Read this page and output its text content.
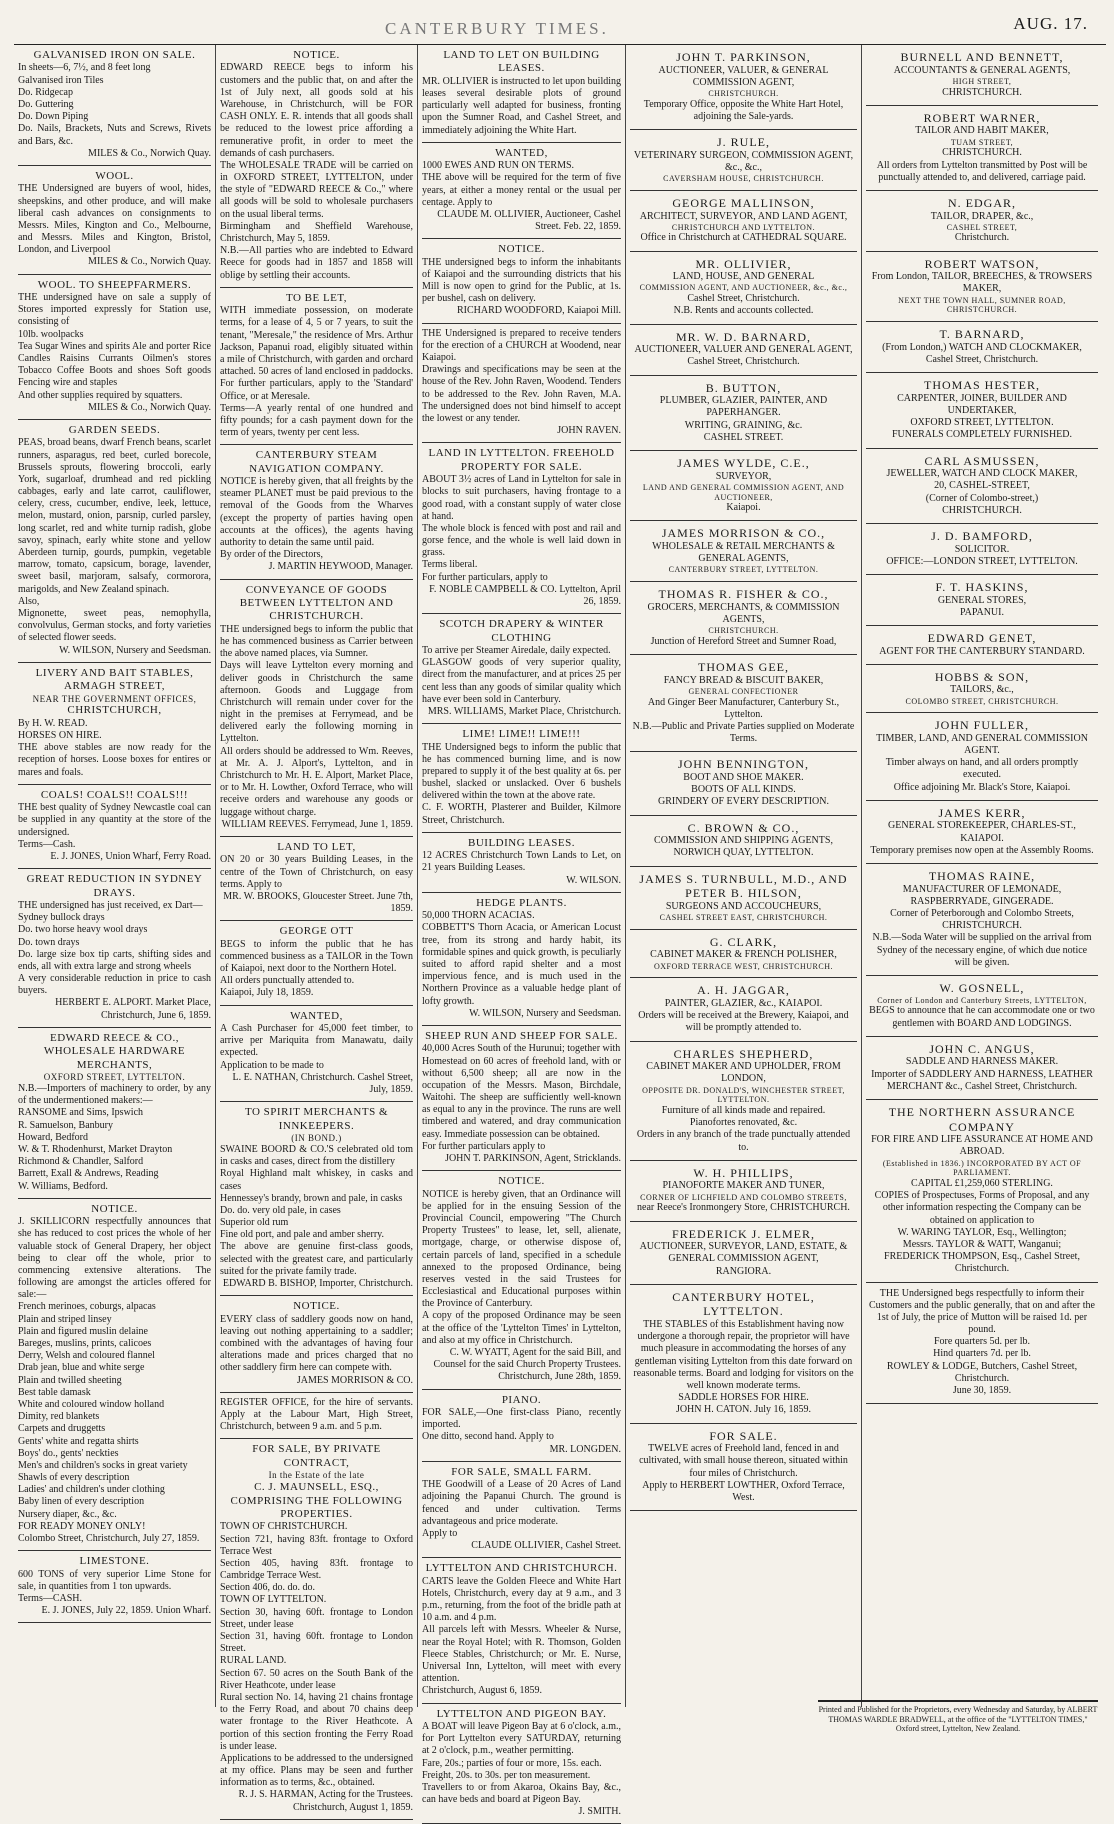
CANTERBURY TIMES.	AUG. 17.
GALVANISED IRON ON SALE.
In sheets—6, 7½, and 8 feet long
Galvanised iron Tiles
Do. Ridgecap
Do. Guttering
Do. Down Piping
Do. Nails, Brackets, Nuts and Screws, Rivets and Bars, &c.
MILES & Co., Norwich Quay.
WOOL.
THE Undersigned are buyers of wool, hides, sheepskins, and other produce, and will make liberal cash advances on consignments to Messrs. Miles, Kington and Co., Melbourne, and Messrs. Miles and Kington, Bristol, London, and Liverpool
MILES & Co., Norwich Quay.
WOOL. TO SHEEPFARMERS.
THE undersigned have on sale a supply of Stores imported expressly for Station use, consisting of
10lb. woolpacks
Tea Sugar Wines and spirits Ale and porter Rice Candles Raisins Currants Oilmen's stores Tobacco Coffee Boots and shoes Soft goods Fencing wire and staples
And other supplies required by squatters.
MILES & Co., Norwich Quay.
GARDEN SEEDS.
PEAS, broad beans, dwarf French beans, scarlet runners, asparagus, red beet, curled borecole, Brussels sprouts, flowering broccoli, early York, sugarloaf, drumhead and red pickling cabbages, early and late carrot, cauliflower, celery, cress, cucumber, endive, leek, lettuce, melon, mustard, onion, parsnip, curled parsley, long scarlet, red and white turnip radish, globe savoy, spinach, early white stone and yellow Aberdeen turnip, gourds, pumpkin, vegetable marrow, tomato, capsicum, borage, lavender, sweet basil, marjoram, salsafy, cormorora, marigolds, and New Zealand spinach.
Also,
Mignonette, sweet peas, nemophylla, convolvulus, German stocks, and forty varieties of selected flower seeds.
W. WILSON, Nursery and Seedsman.
LIVERY AND BAIT STABLES, ARMAGH STREET,
NEAR THE GOVERNMENT OFFICES,
CHRISTCHURCH,
By H. W. READ.
HORSES ON HIRE.
THE above stables are now ready for the reception of horses. Loose boxes for entires or mares and foals.
COALS! COALS!! COALS!!!
THE best quality of Sydney Newcastle coal can be supplied in any quantity at the store of the undersigned.
Terms—Cash.
E. J. JONES, Union Wharf, Ferry Road.
GREAT REDUCTION IN SYDNEY DRAYS.
THE undersigned has just received, ex Dart—
Sydney bullock drays
Do. two horse heavy wool drays
Do. town drays
Do. large size box tip carts, shifting sides and ends, all with extra large and strong wheels
A very considerable reduction in price to cash buyers.
HERBERT E. ALPORT. Market Place, Christchurch, June 6, 1859.
EDWARD REECE & CO., WHOLESALE HARDWARE MERCHANTS,
OXFORD STREET, LYTTELTON.
N.B.—Importers of machinery to order, by any of the undermentioned makers:—
RANSOME and Sims, Ipswich
R. Samuelson, Banbury
Howard, Bedford
W. & T. Rhodenhurst, Market Drayton
Richmond & Chandler, Salford
Barrett, Exall & Andrews, Reading
W. Williams, Bedford.
NOTICE.
J. SKILLICORN respectfully announces that she has reduced to cost prices the whole of her valuable stock of General Drapery, her object being to clear off the whole, prior to commencing extensive alterations. The following are amongst the articles offered for sale:—
French merinoes, coburgs, alpacas
Plain and striped linsey
Plain and figured muslin delaine
Bareges, muslins, prints, calicoes
Derry, Welsh and coloured flannel
Drab jean, blue and white serge
Plain and twilled sheeting
Best table damask
White and coloured window holland
Dimity, red blankets
Carpets and druggetts
Gents' white and regatta shirts
Boys' do., gents' neckties
Men's and children's socks in great variety
Shawls of every description
Ladies' and children's under clothing
Baby linen of every description
Nursery diaper, &c., &c.
FOR READY MONEY ONLY!
Colombo Street, Christchurch, July 27, 1859.
LIMESTONE.
600 TONS of very superior Lime Stone for sale, in quantities from 1 ton upwards.
Terms—CASH.
E. J. JONES, July 22, 1859. Union Wharf.
NOTICE.
EDWARD REECE begs to inform his customers and the public that, on and after the 1st of July next, all goods sold at his Warehouse, in Christchurch, will be FOR CASH ONLY. E. R. intends that all goods shall be reduced to the lowest price affording a remunerative profit, in order to meet the demands of cash purchasers.
The WHOLESALE TRADE will be carried on in OXFORD STREET, LYTTELTON, under the style of "EDWARD REECE & Co.," where all goods will be sold to wholesale purchasers on the usual liberal terms.
Birmingham and Sheffield Warehouse, Christchurch, May 5, 1859.
N.B.—All parties who are indebted to Edward Reece for goods had in 1857 and 1858 will oblige by settling their accounts.
TO BE LET,
WITH immediate possession, on moderate terms, for a lease of 4, 5 or 7 years, to suit the tenant, "Meresale," the residence of Mrs. Arthur Jackson, Papanui road, eligibly situated within a mile of Christchurch, with garden and orchard attached. 50 acres of land enclosed in paddocks. For further particulars, apply to the 'Standard' Office, or at Meresale.
Terms—A yearly rental of one hundred and fifty pounds; for a cash payment down for the term of years, twenty per cent less.
CANTERBURY STEAM NAVIGATION COMPANY.
NOTICE is hereby given, that all freights by the steamer PLANET must be paid previous to the removal of the Goods from the Wharves (except the property of parties having open accounts at the offices), the agents having authority to detain the same until paid.
By order of the Directors,
J. MARTIN HEYWOOD, Manager.
CONVEYANCE OF GOODS BETWEEN LYTTELTON AND CHRISTCHURCH.
THE undersigned begs to inform the public that he has commenced business as Carrier between the above named places, via Sumner.
Days will leave Lyttelton every morning and deliver goods in Christchurch the same afternoon. Goods and Luggage from Christchurch will remain under cover for the night in the premises at Ferrymead, and be delivered early the following morning in Lyttelton.
All orders should be addressed to Wm. Reeves, at Mr. A. J. Alport's, Lyttelton, and in Christchurch to Mr. H. E. Alport, Market Place, or to Mr. H. Lowther, Oxford Terrace, who will receive orders and warehouse any goods or luggage without charge.
WILLIAM REEVES. Ferrymead, June 1, 1859.
LAND TO LET,
ON 20 or 30 years Building Leases, in the centre of the Town of Christchurch, on easy terms. Apply to
MR. W. BROOKS, Gloucester Street. June 7th, 1859.
GEORGE OTT
BEGS to inform the public that he has commenced business as a TAILOR in the Town of Kaiapoi, next door to the Northern Hotel.
All orders punctually attended to.
Kaiapoi, July 18, 1859.
WANTED,
A Cash Purchaser for 45,000 feet timber, to arrive per Mariquita from Manawatu, daily expected.
Application to be made to
L. E. NATHAN, Christchurch. Cashel Street, July, 1859.
TO SPIRIT MERCHANTS & INNKEEPERS.
(IN BOND.)
SWAINE BOORD & CO.'S celebrated old tom in casks and cases, direct from the distillery
Royal Highland malt whiskey, in casks and cases
Hennessey's brandy, brown and pale, in casks
Do. do. very old pale, in cases
Superior old rum
Fine old port, and pale and amber sherry.
The above are genuine first-class goods, selected with the greatest care, and particularly suited for the private family trade.
EDWARD B. BISHOP, Importer, Christchurch.
NOTICE.
EVERY class of saddlery goods now on hand, leaving out nothing appertaining to a saddler; combined with the advantages of having four alterations made and prices charged that no other saddlery firm here can compete with.
JAMES MORRISON & CO.
REGISTER OFFICE, for the hire of servants. Apply at the Labour Mart, High Street, Christchurch, between 9 a.m. and 5 p.m.
FOR SALE, BY PRIVATE CONTRACT,
In the Estate of the late
C. J. MAUNSELL, ESQ., COMPRISING THE FOLLOWING PROPERTIES.
TOWN OF CHRISTCHURCH.
Section 721, having 83ft. frontage to Oxford Terrace West
Section 405, having 83ft. frontage to Cambridge Terrace West.
Section 406, do. do. do.
TOWN OF LYTTELTON.
Section 30, having 60ft. frontage to London Street, under lease
Section 31, having 60ft. frontage to London Street.
RURAL LAND.
Section 67. 50 acres on the South Bank of the River Heathcote, under lease
Rural section No. 14, having 21 chains frontage to the Ferry Road, and about 70 chains deep water frontage to the River Heathcote. A portion of this section fronting the Ferry Road is under lease.
Applications to be addressed to the undersigned at my office. Plans may be seen and further information as to terms, &c., obtained.
R. J. S. HARMAN, Acting for the Trustees. Christchurch, August 1, 1859.
LAND TO LET ON BUILDING LEASES.
MR. OLLIVIER is instructed to let upon building leases several desirable plots of ground particularly well adapted for business, fronting upon the Sumner Road, and Cashel Street, and immediately adjoining the White Hart.
WANTED,
1000 EWES AND RUN ON TERMS.
THE above will be required for the term of five years, at either a money rental or the usual per centage. Apply to
CLAUDE M. OLLIVIER, Auctioneer, Cashel Street. Feb. 22, 1859.
NOTICE.
THE undersigned begs to inform the inhabitants of Kaiapoi and the surrounding districts that his Mill is now open to grind for the Public, at 1s. per bushel, cash on delivery.
RICHARD WOODFORD, Kaiapoi Mill.
THE Undersigned is prepared to receive tenders for the erection of a CHURCH at Woodend, near Kaiapoi.
Drawings and specifications may be seen at the house of the Rev. John Raven, Woodend. Tenders to be addressed to the Rev. John Raven, M.A. The undersigned does not bind himself to accept the lowest or any tender.
JOHN RAVEN.
LAND IN LYTTELTON. FREEHOLD PROPERTY FOR SALE.
ABOUT 3½ acres of Land in Lyttelton for sale in blocks to suit purchasers, having frontage to a good road, with a constant supply of water close at hand.
The whole block is fenced with post and rail and gorse fence, and the whole is well laid down in grass.
Terms liberal.
For further particulars, apply to
F. NOBLE CAMPBELL & CO. Lyttelton, April 26, 1859.
SCOTCH DRAPERY & WINTER CLOTHING
To arrive per Steamer Airedale, daily expected.
GLASGOW goods of very superior quality, direct from the manufacturer, and at prices 25 per cent less than any goods of similar quality which have ever been sold in Canterbury.
MRS. WILLIAMS, Market Place, Christchurch.
LIME! LIME!! LIME!!!
THE Undersigned begs to inform the public that he has commenced burning lime, and is now prepared to supply it of the best quality at 6s. per bushel, slacked or unslacked. Over 6 bushels delivered within the town at the above rate.
C. F. WORTH, Plasterer and Builder, Kilmore Street, Christchurch.
BUILDING LEASES.
12 ACRES Christchurch Town Lands to Let, on 21 years Building Leases.
W. WILSON.
HEDGE PLANTS.
50,000 THORN ACACIAS.
COBBETT'S Thorn Acacia, or American Locust tree, from its strong and hardy habit, its formidable spines and quick growth, is peculiarly suited to afford rapid shelter and a most impervious fence, and is much used in the Northern Province as a valuable hedge plant of lofty growth.
W. WILSON, Nursery and Seedsman.
SHEEP RUN AND SHEEP FOR SALE.
40,000 Acres South of the Hurunui; together with
Homestead on 60 acres of freehold land, with or without 6,500 sheep; all are now in the occupation of the Messrs. Mason, Birchdale, Waitohi. The sheep are sufficiently well-known as equal to any in the province. The runs are well timbered and watered, and dray communication easy. Immediate possession can be obtained.
For further particulars apply to
JOHN T. PARKINSON, Agent, Stricklands.
NOTICE.
NOTICE is hereby given, that an Ordinance will be applied for in the ensuing Session of the Provincial Council, empowering "The Church Property Trustees" to lease, let, sell, alienate, mortgage, charge, or otherwise dispose of, certain parcels of land, specified in a schedule annexed to the proposed Ordinance, being reserves vested in the said Trustees for Ecclesiastical and Educational purposes within the Province of Canterbury.
A copy of the proposed Ordinance may be seen at the office of the 'Lyttelton Times' in Lyttelton, and also at my office in Christchurch.
C. W. WYATT, Agent for the said Bill, and Counsel for the said Church Property Trustees. Christchurch, June 28th, 1859.
PIANO.
FOR SALE,—One first-class Piano, recently imported.
One ditto, second hand. Apply to
MR. LONGDEN.
FOR SALE, SMALL FARM.
THE Goodwill of a Lease of 20 Acres of Land adjoining the Papanui Church. The ground is fenced and under cultivation. Terms advantageous and price moderate.
Apply to
CLAUDE OLLIVIER, Cashel Street.
LYTTELTON AND CHRISTCHURCH.
CARTS leave the Golden Fleece and White Hart Hotels, Christchurch, every day at 9 a.m., and 3 p.m., returning, from the foot of the bridle path at 10 a.m. and 4 p.m.
All parcels left with Messrs. Wheeler & Nurse, near the Royal Hotel; with R. Thomson, Golden Fleece Stables, Christchurch; or Mr. E. Nurse, Universal Inn, Lyttelton, will meet with every attention.
Christchurch, August 6, 1859.
LYTTELTON AND PIGEON BAY.
A BOAT will leave Pigeon Bay at 6 o'clock, a.m., for Port Lyttelton every SATURDAY, returning at 2 o'clock, p.m., weather permitting.
Fare, 20s.; parties of four or more, 15s. each.
Freight, 20s. to 30s. per ton measurement.
Travellers to or from Akaroa, Okains Bay, &c., can have beds and board at Pigeon Bay.
J. SMITH.
JOHN T. PARKINSON,
AUCTIONEER, VALUER, & GENERAL COMMISSION AGENT,
CHRISTCHURCH.
Temporary Office, opposite the White Hart Hotel, adjoining the Sale-yards.
J. RULE,
VETERINARY SURGEON, COMMISSION AGENT, &c., &c.,
CAVERSHAM HOUSE, CHRISTCHURCH.
GEORGE MALLINSON,
ARCHITECT, SURVEYOR, AND LAND AGENT,
CHRISTCHURCH AND LYTTELTON.
Office in Christchurch at CATHEDRAL SQUARE.
MR. OLLIVIER,
LAND, HOUSE, AND GENERAL
COMMISSION AGENT, AND AUCTIONEER, &c., &c.,
Cashel Street, Christchurch.
N.B. Rents and accounts collected.
MR. W. D. BARNARD,
AUCTIONEER, VALUER AND GENERAL AGENT,
Cashel Street, Christchurch.
B. BUTTON,
PLUMBER, GLAZIER, PAINTER, AND PAPERHANGER.
WRITING, GRAINING, &c.
CASHEL STREET.
JAMES WYLDE, C.E.,
SURVEYOR,
LAND AND GENERAL COMMISSION AGENT, AND AUCTIONEER,
Kaiapoi.
JAMES MORRISON & CO.,
WHOLESALE & RETAIL MERCHANTS & GENERAL AGENTS,
CANTERBURY STREET, LYTTELTON.
THOMAS R. FISHER & CO.,
GROCERS, MERCHANTS, & COMMISSION AGENTS,
CHRISTCHURCH.
Junction of Hereford Street and Sumner Road,
THOMAS GEE,
FANCY BREAD & BISCUIT BAKER,
GENERAL CONFECTIONER
And Ginger Beer Manufacturer, Canterbury St., Lyttelton.
N.B.—Public and Private Parties supplied on Moderate Terms.
JOHN BENNINGTON,
BOOT AND SHOE MAKER.
BOOTS OF ALL KINDS.
GRINDERY OF EVERY DESCRIPTION.
C. BROWN & CO.,
COMMISSION AND SHIPPING AGENTS,
NORWICH QUAY, LYTTELTON.
JAMES S. TURNBULL, M.D., AND PETER B. HILSON,
SURGEONS AND ACCOUCHEURS,
CASHEL STREET EAST, CHRISTCHURCH.
G. CLARK,
CABINET MAKER & FRENCH POLISHER,
OXFORD TERRACE WEST, CHRISTCHURCH.
A. H. JAGGAR,
PAINTER, GLAZIER, &c., KAIAPOI.
Orders will be received at the Brewery, Kaiapoi, and will be promptly attended to.
CHARLES SHEPHERD,
CABINET MAKER AND UPHOLDER, FROM LONDON,
OPPOSITE DR. DONALD'S, WINCHESTER STREET, LYTTELTON.
Furniture of all kinds made and repaired.
Pianofortes renovated, &c.
Orders in any branch of the trade punctually attended to.
W. H. PHILLIPS,
PIANOFORTE MAKER AND TUNER,
CORNER OF LICHFIELD AND COLOMBO STREETS,
near Reece's Ironmongery Store, CHRISTCHURCH.
FREDERICK J. ELMER,
AUCTIONEER, SURVEYOR, LAND, ESTATE, & GENERAL COMMISSION AGENT,
RANGIORA.
CANTERBURY HOTEL, LYTTELTON.
THE STABLES of this Establishment having now undergone a thorough repair, the proprietor will have much pleasure in accommodating the horses of any gentleman visiting Lyttelton from this date forward on reasonable terms. Board and lodging for visitors on the well known moderate terms.
SADDLE HORSES FOR HIRE.
JOHN H. CATON. July 16, 1859.
FOR SALE.
TWELVE acres of Freehold land, fenced in and cultivated, with small house thereon, situated within four miles of Christchurch.
Apply to HERBERT LOWTHER, Oxford Terrace, West.
BURNELL AND BENNETT,
ACCOUNTANTS & GENERAL AGENTS,
HIGH STREET,
CHRISTCHURCH.
ROBERT WARNER,
TAILOR AND HABIT MAKER,
TUAM STREET,
CHRISTCHURCH.
All orders from Lyttelton transmitted by Post will be punctually attended to, and delivered, carriage paid.
N. EDGAR,
TAILOR, DRAPER, &c.,
CASHEL STREET,
Christchurch.
ROBERT WATSON,
From London, TAILOR, BREECHES, & TROWSERS MAKER,
NEXT THE TOWN HALL, SUMNER ROAD, CHRISTCHURCH.
T. BARNARD,
(From London,) WATCH AND CLOCKMAKER,
Cashel Street, Christchurch.
THOMAS HESTER,
CARPENTER, JOINER, BUILDER AND UNDERTAKER,
OXFORD STREET, LYTTELTON.
FUNERALS COMPLETELY FURNISHED.
CARL ASMUSSEN,
JEWELLER, WATCH AND CLOCK MAKER,
20, CASHEL-STREET,
(Corner of Colombo-street,)
CHRISTCHURCH.
J. D. BAMFORD,
SOLICITOR.
OFFICE:—LONDON STREET, LYTTELTON.
F. T. HASKINS,
GENERAL STORES,
PAPANUI.
EDWARD GENET,
AGENT FOR THE CANTERBURY STANDARD.
HOBBS & SON,
TAILORS, &c.,
COLOMBO STREET, CHRISTCHURCH.
JOHN FULLER,
TIMBER, LAND, AND GENERAL COMMISSION AGENT.
Timber always on hand, and all orders promptly executed.
Office adjoining Mr. Black's Store, Kaiapoi.
JAMES KERR,
GENERAL STOREKEEPER, CHARLES-ST., KAIAPOI.
Temporary premises now open at the Assembly Rooms.
THOMAS RAINE,
MANUFACTURER OF LEMONADE, RASPBERRYADE, GINGERADE.
Corner of Peterborough and Colombo Streets, CHRISTCHURCH.
N.B.—Soda Water will be supplied on the arrival from Sydney of the necessary engine, of which due notice will be given.
W. GOSNELL,
Corner of London and Canterbury Streets, LYTTELTON,
BEGS to announce that he can accommodate one or two gentlemen with BOARD AND LODGINGS.
JOHN C. ANGUS,
SADDLE AND HARNESS MAKER.
Importer of SADDLERY AND HARNESS, LEATHER MERCHANT &c., Cashel Street, Christchurch.
THE NORTHERN ASSURANCE COMPANY
FOR FIRE AND LIFE ASSURANCE AT HOME AND ABROAD.
(Established in 1836.) INCORPORATED BY ACT OF PARLIAMENT.
CAPITAL £1,259,060 STERLING.
COPIES of Prospectuses, Forms of Proposal, and any other information respecting the Company can be obtained on application to
W. WARING TAYLOR, Esq., Wellington;
Messrs. TAYLOR & WATT, Wanganui;
FREDERICK THOMPSON, Esq., Cashel Street, Christchurch.
THE Undersigned begs respectfully to inform their Customers and the public generally, that on and after the 1st of July, the price of Mutton will be raised 1d. per pound.
Fore quarters 5d. per lb.
Hind quarters 7d. per lb.
ROWLEY & LODGE, Butchers, Cashel Street, Christchurch.
June 30, 1859.
Printed and Published for the Proprietors, every Wednesday and Saturday, by ALBERT THOMAS WARDLE BRADWELL, at the office of the "LYTTELTON TIMES," Oxford street, Lyttelton, New Zealand.
